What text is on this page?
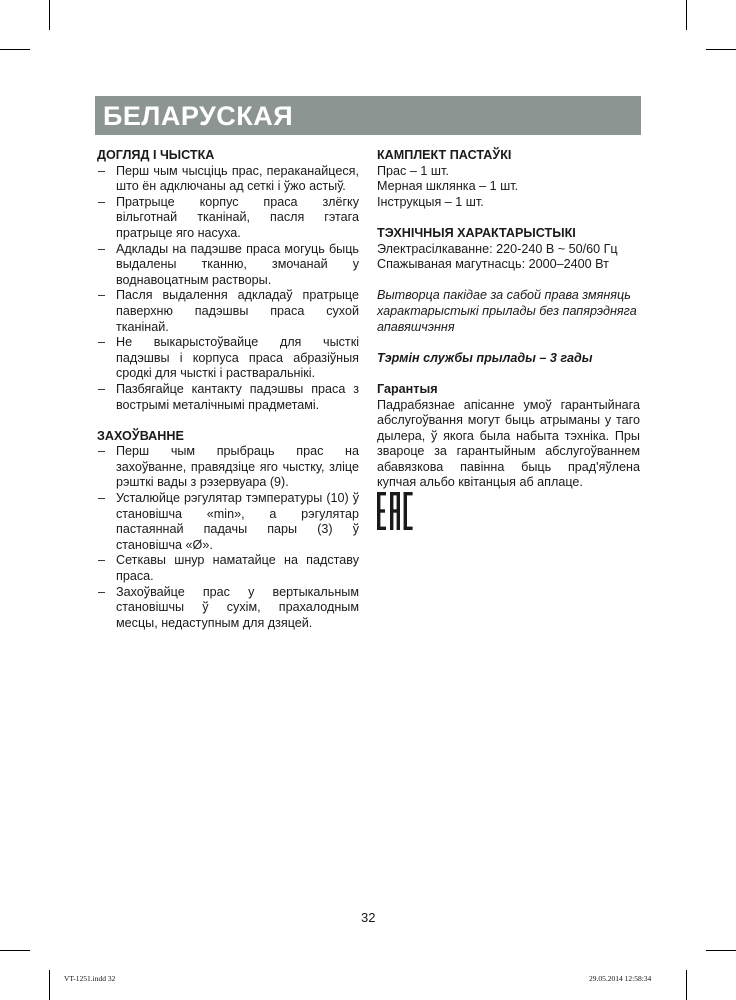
БЕЛАРУСКАЯ

ДОГЛЯД І ЧЫСТКА

– Перш чым чысціць прас, пераканайцеся, што ён адключаны ад сеткі і ўжо астыў.
– Пратрыце корпус праса злёгку вільготнай тканінай, пасля гэтага пратрыце яго насуха.
– Адклады на падэшве праса могуць быць выдалены тканню, змочанай у воднавоцатным растворы.
– Пасля выдалення адкладаў пратрыце паверхню падэшвы праса сухой тканінай.
– Не выкарыстоўвайце для чысткі падэшвы і корпуса праса абразіўныя сродкі для чысткі і растваральнікі.
– Пазбягайце кантакту падэшвы праса з вострымі металічнымі прадметамі.

ЗАХОЎВАННЕ

– Перш чым прыбраць прас на захоўванне, правядзіце яго чыстку, зліце рэшткі вады з рэзервуара (9).
– Усталюйце рэгулятар тэмпературы (10) ў становішча «min», а рэгулятар пастаяннай падачы пары (3) ў становішча «Ø».
– Сеткавы шнур наматайце на падставу праса.
– Захоўвайце прас у вертыкальным становішчы ў сухім, прахалодным месцы, недаступным для дзяцей.

КАМПЛЕКТ ПАСТАЎКІ

Прас – 1 шт.

Мерная шклянка – 1 шт.

Інструкцыя – 1 шт.

ТЭХНІЧНЫЯ ХАРАКТАРЫСТЫКІ

Электрасілкаванне: 220-240 В ~ 50/60 Гц

Спажываная магутнасць: 2000–2400 Вт

Вытворца пакідае за сабой права змяняць характарыстыкі прылады без папярэдняга апавяшчэння

Тэрмін службы прылады – 3 гады

Гарантыя

Падрабязнае апісанне умоў гарантыйнага абслугоўвання могут быць атрыманы у таго дылера, ў якога была набыта тэхніка. Пры звароце за гарантыйным абслугоўваннем абавязкова павінна быць прад'яўлена купчая альбо квітанцыя аб аплаце.

32
VT-1251.indd 32	29.05.2014 12:58:34
